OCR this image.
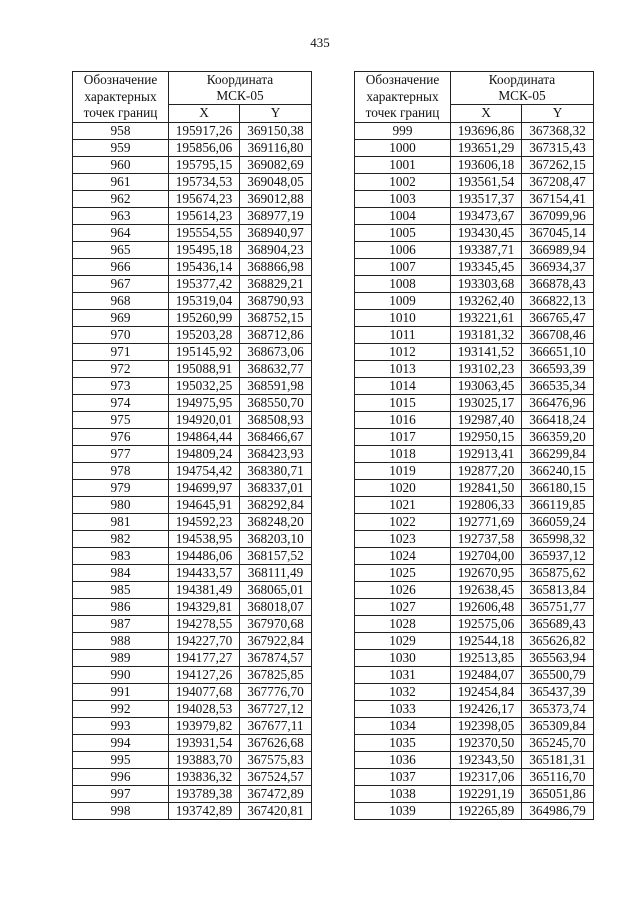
435
Обозначение
характерных
точек границ	Координата
МСК-05	
	X	Y
958	195917,26	369150,38
959	195856,06	369116,80
960	195795,15	369082,69
961	195734,53	369048,05
962	195674,23	369012,88
963	195614,23	368977,19
964	195554,55	368940,97
965	195495,18	368904,23
966	195436,14	368866,98
967	195377,42	368829,21
968	195319,04	368790,93
969	195260,99	368752,15
970	195203,28	368712,86
971	195145,92	368673,06
972	195088,91	368632,77
973	195032,25	368591,98
974	194975,95	368550,70
975	194920,01	368508,93
976	194864,44	368466,67
977	194809,24	368423,93
978	194754,42	368380,71
979	194699,97	368337,01
980	194645,91	368292,84
981	194592,23	368248,20
982	194538,95	368203,10
983	194486,06	368157,52
984	194433,57	368111,49
985	194381,49	368065,01
986	194329,81	368018,07
987	194278,55	367970,68
988	194227,70	367922,84
989	194177,27	367874,57
990	194127,26	367825,85
991	194077,68	367776,70
992	194028,53	367727,12
993	193979,82	367677,11
994	193931,54	367626,68
995	193883,70	367575,83
996	193836,32	367524,57
997	193789,38	367472,89
998	193742,89	367420,81
Обозначение
характерных
точек границ	Координата
МСК-05	
	X	Y
999	193696,86	367368,32
1000	193651,29	367315,43
1001	193606,18	367262,15
1002	193561,54	367208,47
1003	193517,37	367154,41
1004	193473,67	367099,96
1005	193430,45	367045,14
1006	193387,71	366989,94
1007	193345,45	366934,37
1008	193303,68	366878,43
1009	193262,40	366822,13
1010	193221,61	366765,47
1011	193181,32	366708,46
1012	193141,52	366651,10
1013	193102,23	366593,39
1014	193063,45	366535,34
1015	193025,17	366476,96
1016	192987,40	366418,24
1017	192950,15	366359,20
1018	192913,41	366299,84
1019	192877,20	366240,15
1020	192841,50	366180,15
1021	192806,33	366119,85
1022	192771,69	366059,24
1023	192737,58	365998,32
1024	192704,00	365937,12
1025	192670,95	365875,62
1026	192638,45	365813,84
1027	192606,48	365751,77
1028	192575,06	365689,43
1029	192544,18	365626,82
1030	192513,85	365563,94
1031	192484,07	365500,79
1032	192454,84	365437,39
1033	192426,17	365373,74
1034	192398,05	365309,84
1035	192370,50	365245,70
1036	192343,50	365181,31
1037	192317,06	365116,70
1038	192291,19	365051,86
1039	192265,89	364986,79
